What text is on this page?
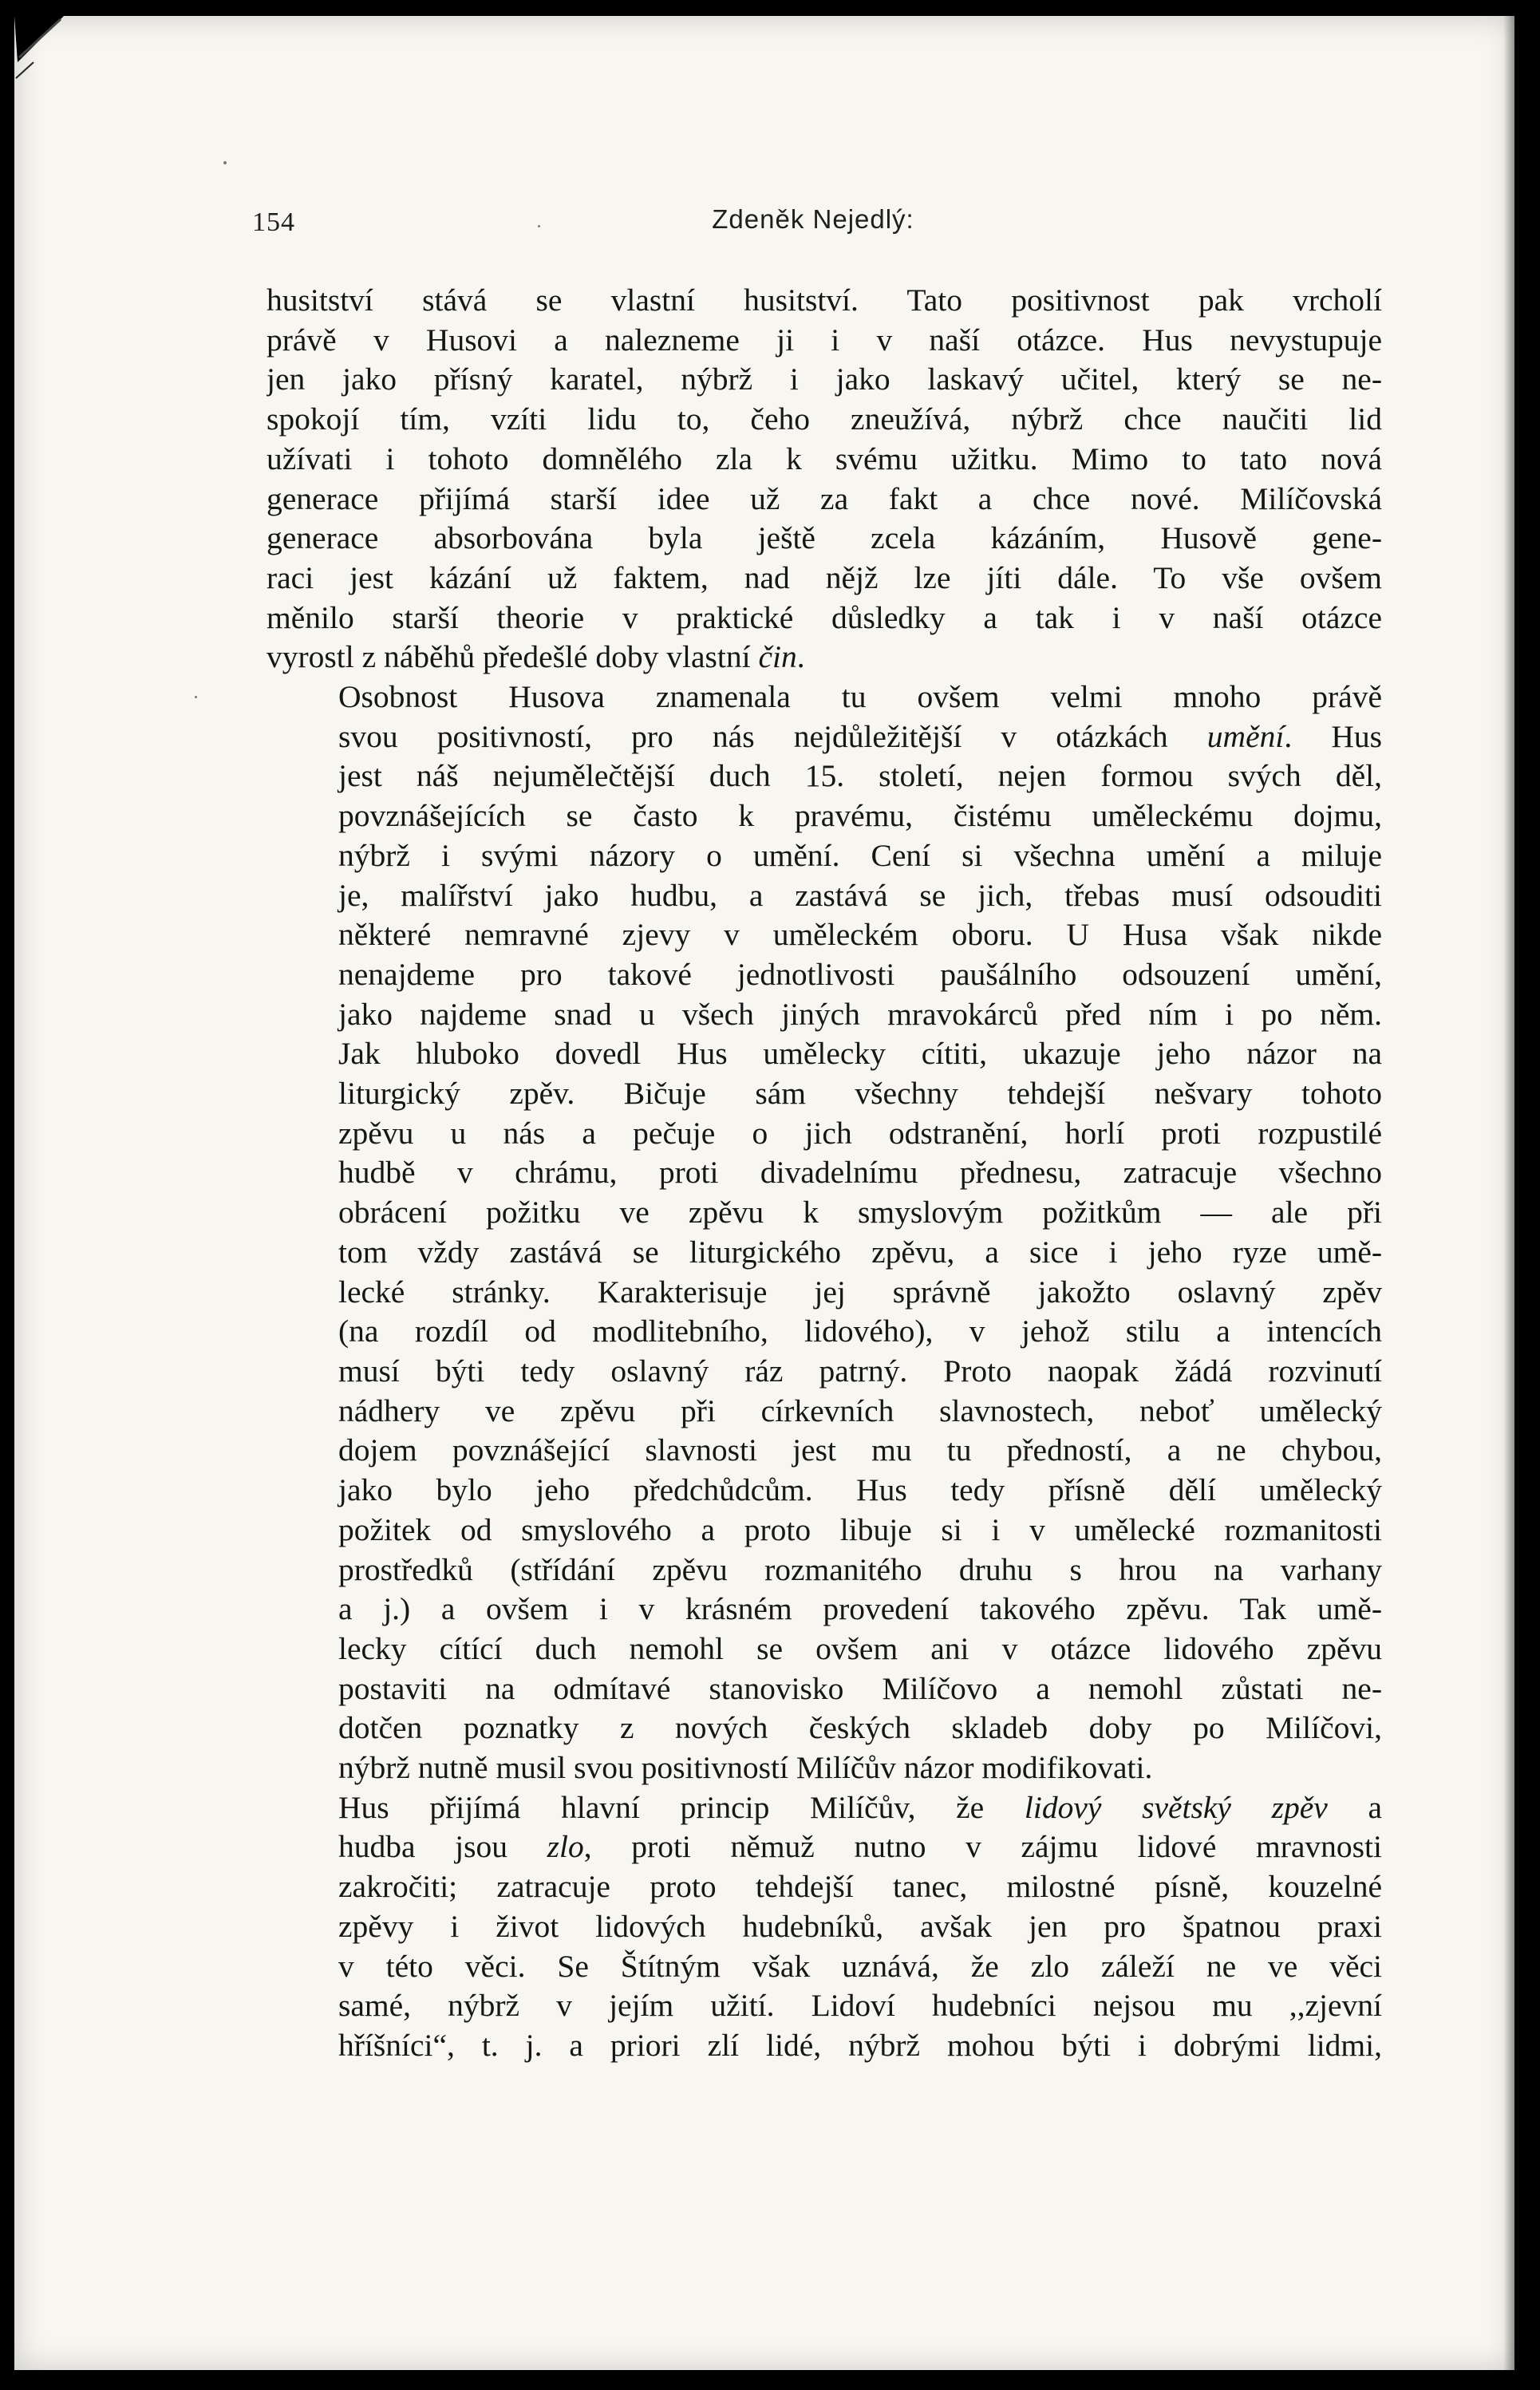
154	Zdeněk Nejedlý:

husitství stává se vlastní husitství. Tato positivnost pak vrcholí
právě v Husovi a nalezneme ji i v naší otázce. Hus nevystupuje
jen jako přísný karatel, nýbrž i jako laskavý učitel, který se ne-
spokojí tím, vzíti lidu to, čeho zneužívá, nýbrž chce naučiti lid
užívati i tohoto domnělého zla k svému užitku. Mimo to tato nová
generace přijímá starší idee už za fakt a chce nové. Milíčovská
generace absorbována byla ještě zcela kázáním, Husově gene-
raci jest kázání už faktem, nad nějž lze jíti dále. To vše ovšem
měnilo starší theorie v praktické důsledky a tak i v naší otázce
vyrostl z náběhů předešlé doby vlastní čin.

Osobnost Husova znamenala tu ovšem velmi mnoho právě
svou positivností, pro nás nejdůležitější v otázkách umění. Hus
jest náš nejumělečtější duch 15. století, nejen formou svých děl,
povznášejících se často k pravému, čistému uměleckému dojmu,
nýbrž i svými názory o umění. Cení si všechna umění a miluje
je, malířství jako hudbu, a zastává se jich, třebas musí odsouditi
některé nemravné zjevy v uměleckém oboru. U Husa však nikde
nenajdeme pro takové jednotlivosti paušálního odsouzení umění,
jako najdeme snad u všech jiných mravokárců před ním i po něm.
Jak hluboko dovedl Hus umělecky cítiti, ukazuje jeho názor na
liturgický zpěv. Bičuje sám všechny tehdejší nešvary tohoto
zpěvu u nás a pečuje o jich odstranění, horlí proti rozpustilé
hudbě v chrámu, proti divadelnímu přednesu, zatracuje všechno
obrácení požitku ve zpěvu k smyslovým požitkům — ale při
tom vždy zastává se liturgického zpěvu, a sice i jeho ryze umě-
lecké stránky. Karakterisuje jej správně jakožto oslavný zpěv
(na rozdíl od modlitebního, lidového), v jehož stilu a intencích
musí býti tedy oslavný ráz patrný. Proto naopak žádá rozvinutí
nádhery ve zpěvu při církevních slavnostech, neboť umělecký
dojem povznášející slavnosti jest mu tu předností, a ne chybou,
jako bylo jeho předchůdcům. Hus tedy přísně dělí umělecký
požitek od smyslového a proto libuje si i v umělecké rozmanitosti
prostředků (střídání zpěvu rozmanitého druhu s hrou na varhany
a j.) a ovšem i v krásném provedení takového zpěvu. Tak umě-
lecky cítící duch nemohl se ovšem ani v otázce lidového zpěvu
postaviti na odmítavé stanovisko Milíčovo a nemohl zůstati ne-
dotčen poznatky z nových českých skladeb doby po Milíčovi,
nýbrž nutně musil svou positivností Milíčův názor modifikovati.

Hus přijímá hlavní princip Milíčův, že lidový světský zpěv a
hudba jsou zlo, proti němuž nutno v zájmu lidové mravnosti
zakročiti; zatracuje proto tehdejší tanec, milostné písně, kouzelné
zpěvy i život lidových hudebníků, avšak jen pro špatnou praxi
v této věci. Se Štítným však uznává, že zlo záleží ne ve věci
samé, nýbrž v jejím užití. Lidoví hudebníci nejsou mu ,,zjevní
hříšníci“, t. j. a priori zlí lidé, nýbrž mohou býti i dobrými lidmi,
